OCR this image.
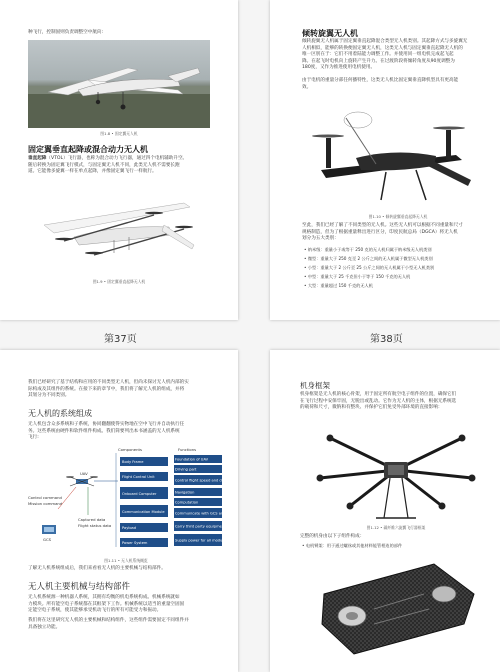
种飞行，控制固则负责调整空中航向:
图1.8 • 固定翼无人机
固定翼垂直起降或混合动力无人机
垂直起降（VTOL）飞行器，也称为混合动力飞行器，通过四个电机辅助升空。
随后转换为固定翼飞行模式，与固定翼无人机不同，此类无人机不需要长跑
道。它能像多旋翼一样在单点起降，并像固定翼飞行一样航行。
图1.9 • 固定翼垂直起降无人机
第37页
倾转旋翼无人机
倾转旋翼无人机属于固定翼垂直起降混合类型无人机类别。其起降方式与多旋翼无
人机相似，能够的转换便固定翼无人机，这类无人机与固定翼垂直起降无人机的
唯一区别在于：它们不用着陆能力调整工作。并使用同一组电机完成起飞起
降。在起飞时电机向上旋转产生升力。在过渡阶段将倾转角度从90度调整为
180度，又作为推进使用电机使用。
由于电机的重量分部任何播特性，这类无人机比固定翼垂直降机型具有更高能
效。
图1.10 • 倾转旋翼垂直起降无人机
至此，我们已经了解了不同类型的无人机。这些无人机可以根据不同重量和尺寸
规格制造，但为了根据重量释出进行区分，印度民航总局（DGCA）将无人机
划分为五大类别：
• 纳米级：重量小于或等于 250 克的无人机归属于纳米级无人机类别
• 微型：重量大于 250 克至 2 公斤之间的无人机属于微型无人机类别
• 小型：重量大于 2 公斤至 25 公斤之间的无人机属于小型无人机类别
• 中型：重量大于 25 千克但小于等于 150 千克的无人机
• 大型：重量超过 150 千克的无人机
第38页
我们已经研究了基于结构和应用的不同类型无人机，但尚未探讨无人机内部的实
际构成及其组件的系统。在接下来的章节中，我们将了解无人机的组成，并将
其划分为不同类别。
无人机的系统组成
无人机包含众多系统和子系统，协同翻翻使得实物地在空中飞行并自动执行任
务。这些系统由硬件和软件组件构成。我们简要列出本书涵盖的无人机系统
飞行:
Components	Functions
Body Frame
Flight Control Unit
Onboard Computer
Communication Module
Payload
Power System
Foundation of UAV
Driving part
Control flight speed and directions
Navigation
Computation
Communicate with GCS and UAVs
Carry third party equipment
Supply power for all modules
UAV
Control command
Mission command
Captured data
Flight status data
GCS
图1.11 • 无人机系统概览
了解无人机系统组成后，我们来看看无人机的主要机械与结构部件。
无人机主要机械与结构部件
无人机系统源一种机器人系统，其拥有均衡的机电系统构成。机械系统就如
力模块。所有能空电子系统都在其框架下工作。机械系统以适当的重量空固固
定能空电子系统，使其能够承受机动飞行的所有可能受力和振动。
我们将在这里研究无人机的主要机械和结构组件，这些组件需要固定不同组件并
具备独立功能。
机身框架
机身框架是无人机的核心骨架，用于固定所有航空电子组件的位置，确保它们
在飞行过程中安保牢固，无脱出或乱动。它作为无人机的主体，根据无系统选
的载荷和尺寸，微钠和有整块、并保护它们免受外部环境的直接影响：
图1.12 • 碳纤维六旋翼飞行器框架
完整的机身由以下子组件构成：
• 电机臂架：用于通过螺丝或其他材料能管相连的部件
